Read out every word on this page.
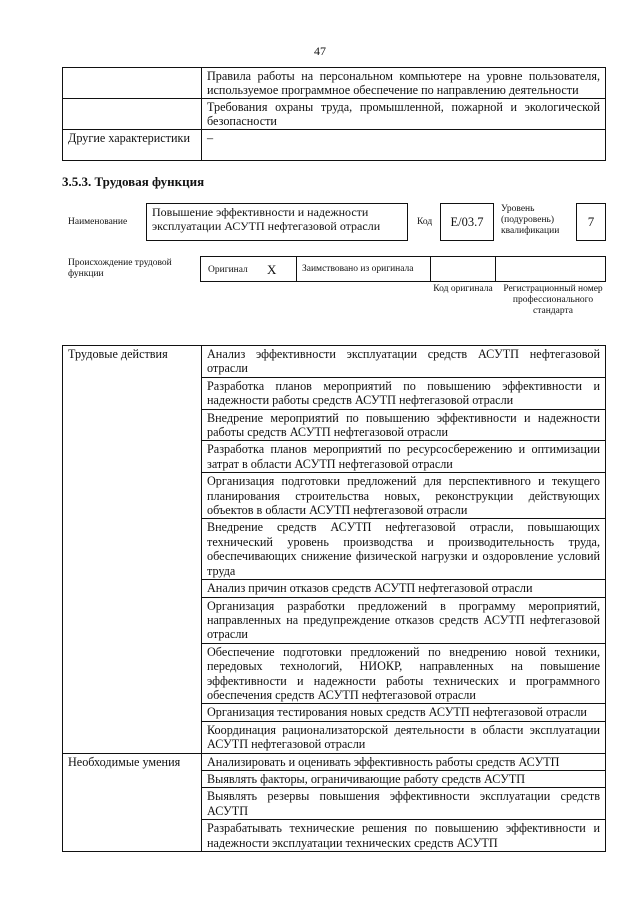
47
	Правила работы на персональном компьютере на уровне пользователя, используемое программное обеспечение по направлению деятельности
	Требования охраны труда, промышленной, пожарной и экологической безопасности
Другие характеристики	–
3.5.3. Трудовая функция
Наименование
Повышение эффективности и надежности эксплуатации АСУТП нефтегазовой отрасли	Код	Е/03.7
Уровень (подуровень) квалификации
7
Происхождение трудовой функции	Оригинал X	Заимствовано из оригинала
Код оригинала	Регистрационный номер профессионального стандарта
Трудовые действия	Анализ эффективности эксплуатации средств АСУТП нефтегазовой отрасли
	Разработка планов мероприятий по повышению эффективности и надежности работы средств АСУТП нефтегазовой отрасли
	Внедрение мероприятий по повышению эффективности и надежности работы средств АСУТП нефтегазовой отрасли
	Разработка планов мероприятий по ресурсосбережению и оптимизации затрат в области АСУТП нефтегазовой отрасли
	Организация подготовки предложений для перспективного и текущего планирования строительства новых, реконструкции действующих объектов в области АСУТП нефтегазовой отрасли
	Внедрение средств АСУТП нефтегазовой отрасли, повышающих технический уровень производства и производительность труда, обеспечивающих снижение физической нагрузки и оздоровление условий труда
	Анализ причин отказов средств АСУТП нефтегазовой отрасли
	Организация разработки предложений в программу мероприятий, направленных на предупреждение отказов средств АСУТП нефтегазовой отрасли
	Обеспечение подготовки предложений по внедрению новой техники, передовых технологий, НИОКР, направленных на повышение эффективности и надежности работы технических и программного обеспечения средств АСУТП нефтегазовой отрасли
	Организация тестирования новых средств АСУТП нефтегазовой отрасли
	Координация рационализаторской деятельности в области эксплуатации АСУТП нефтегазовой отрасли
Необходимые умения	Анализировать и оценивать эффективность работы средств АСУТП
	Выявлять факторы, ограничивающие работу средств АСУТП
	Выявлять резервы повышения эффективности эксплуатации средств АСУТП
	Разрабатывать технические решения по повышению эффективности и надежности эксплуатации технических средств АСУТП
